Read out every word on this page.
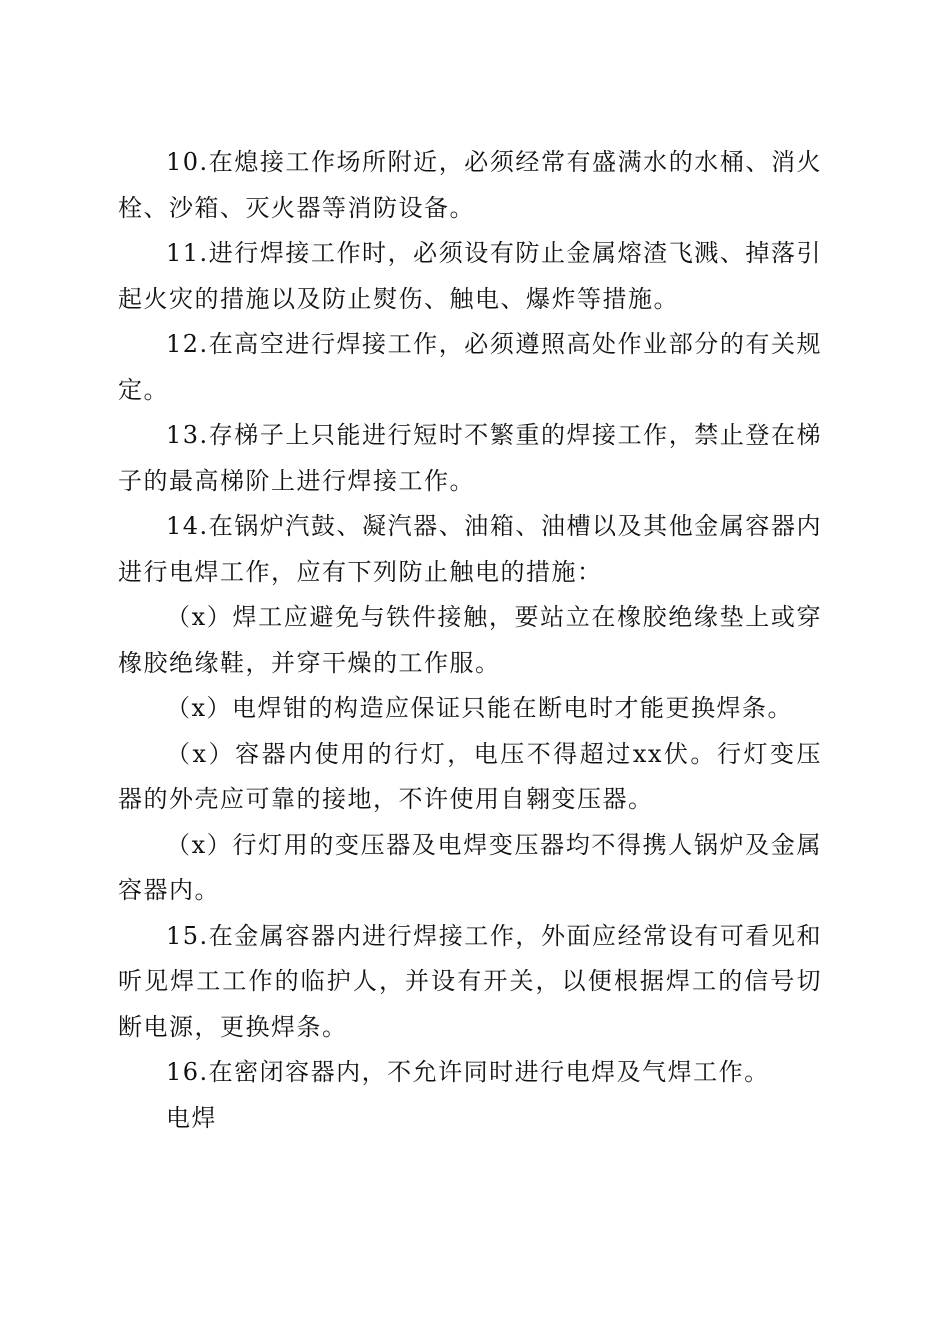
10.在熄接工作场所附近，必须经常有盛满水的水桶、消火栓、沙箱、灭火器等消防设备。

11.进行焊接工作时，必须设有防止金属熔渣飞溅、掉落引起火灾的措施以及防止熨伤、触电、爆炸等措施。

12.在高空进行焊接工作，必须遵照高处作业部分的有关规定。

13.存梯子上只能进行短时不繁重的焊接工作，禁止登在梯子的最高梯阶上进行焊接工作。

14.在锅炉汽鼓、凝汽器、油箱、油槽以及其他金属容器内进行电焊工作，应有下列防止触电的措施：

（x）焊工应避免与铁件接触，要站立在橡胶绝缘垫上或穿橡胶绝缘鞋，并穿干燥的工作服。

（x）电焊钳的构造应保证只能在断电时才能更换焊条。

（x）容器内使用的行灯，电压不得超过xx伏。行灯变压器的外壳应可靠的接地，不许使用自翱变压器。

（x）行灯用的变压器及电焊变压器均不得携人锅炉及金属容器内。

15.在金属容器内进行焊接工作，外面应经常设有可看见和听见焊工工作的临护人，并设有开关，以便根据焊工的信号切断电源，更换焊条。

16.在密闭容器内，不允许同时进行电焊及气焊工作。

电焊
